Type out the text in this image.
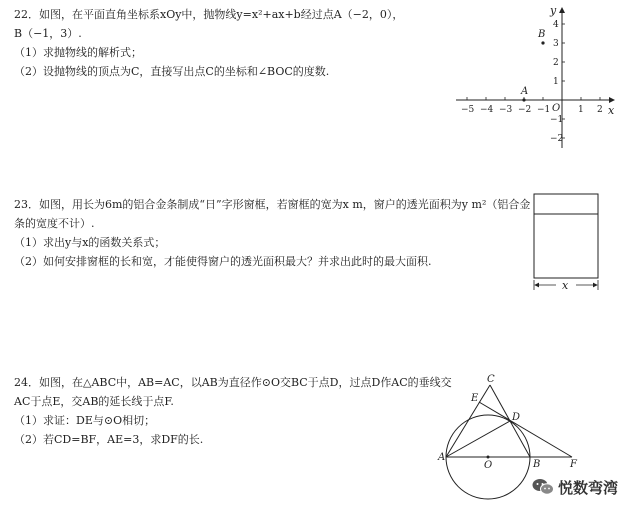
22．如图，在平面直角坐标系xOy中，抛物线y=x²+ax+b经过点A（−2，0），
B（−1，3）.
（1）求抛物线的解析式；
（2）设抛物线的顶点为C，直接写出点C的坐标和∠BOC的度数.
23．如图，用长为6m的铝合金条制成“日”字形窗框，若窗框的宽为x m，窗户的透光面积为y m²（铝合金
条的宽度不计）.
（1）求出y与x的函数关系式；
（2）如何安排窗框的长和宽，才能使得窗户的透光面积最大？并求出此时的最大面积.
24．如图，在△ABC中，AB=AC，以AB为直径作⊙O交BC于点D，过点D作AC的垂线交
AC于点E，交AB的延长线于点F.
（1）求证：DE与⊙O相切；
（2）若CD=BF，AE=3，求DF的长.
−5 −4 −3 −2 −1	1 2
4
3
2
1
−1
−2
x
y
O
A
B
x
A
B
C
D
E
F
O
悦数弯湾
